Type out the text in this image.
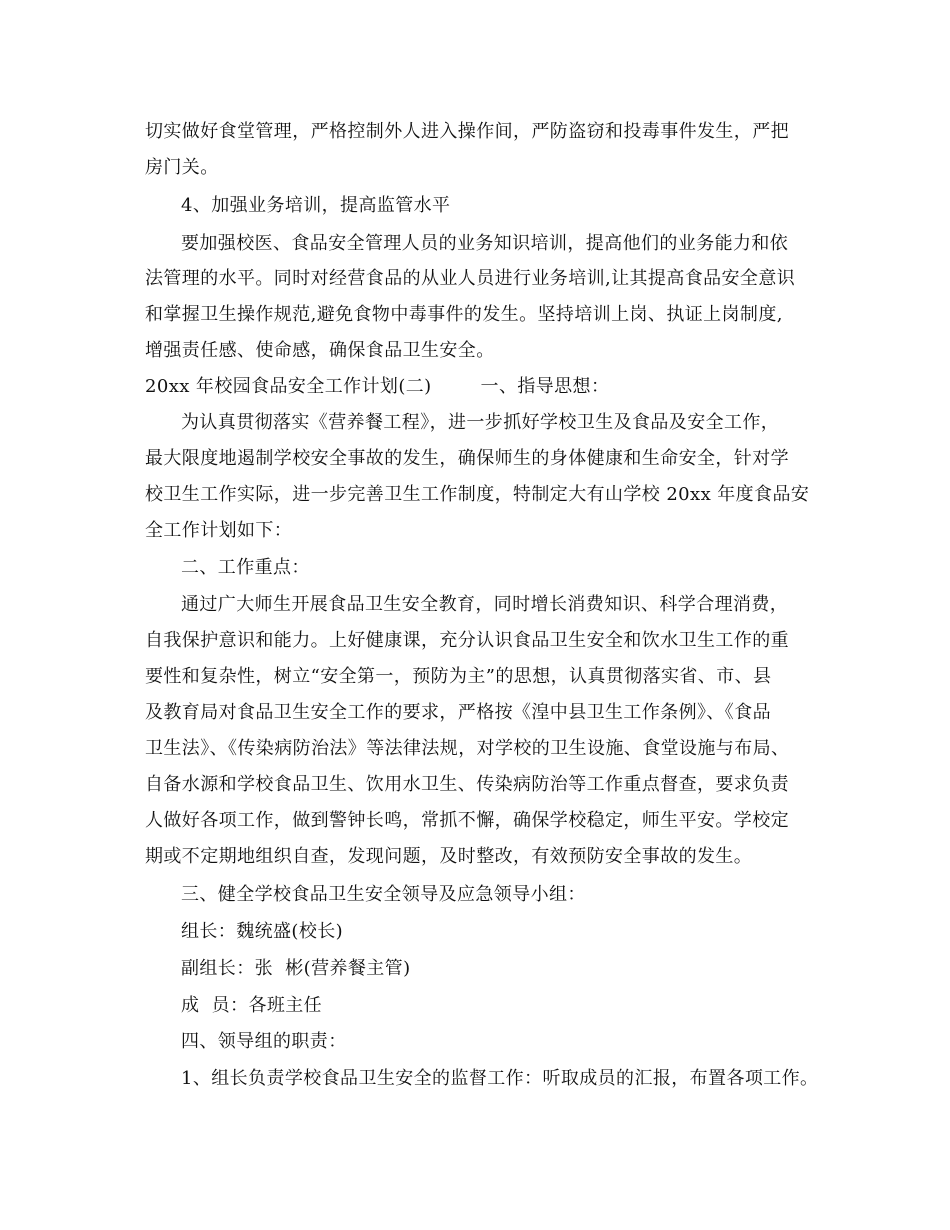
切实做好食堂管理，严格控制外人进入操作间，严防盗窃和投毒事件发生，严把
房门关。
4、加强业务培训，提高监管水平
要加强校医、食品安全管理人员的业务知识培训，提高他们的业务能力和依
法管理的水平。同时对经营食品的从业人员进行业务培训,让其提高食品安全意识
和掌握卫生操作规范,避免食物中毒事件的发生。坚持培训上岗、执证上岗制度,
增强责任感、使命感，确保食品卫生安全。
20xx 年校园食品安全工作计划(二)        一、指导思想：
为认真贯彻落实《营养餐工程》，进一步抓好学校卫生及食品及安全工作，
最大限度地遏制学校安全事故的发生，确保师生的身体健康和生命安全，针对学
校卫生工作实际，进一步完善卫生工作制度，特制定大有山学校 20xx 年度食品安
全工作计划如下：
二、工作重点：
通过广大师生开展食品卫生安全教育，同时增长消费知识、科学合理消费，
自我保护意识和能力。上好健康课，充分认识食品卫生安全和饮水卫生工作的重
要性和复杂性，树立“安全第一，预防为主”的思想，认真贯彻落实省、市、县
及教育局对食品卫生安全工作的要求，严格按《湟中县卫生工作条例》、《食品
卫生法》、《传染病防治法》等法律法规，对学校的卫生设施、食堂设施与布局、
自备水源和学校食品卫生、饮用水卫生、传染病防治等工作重点督查，要求负责
人做好各项工作，做到警钟长鸣，常抓不懈，确保学校稳定，师生平安。学校定
期或不定期地组织自查，发现问题，及时整改，有效预防安全事故的发生。
三、健全学校食品卫生安全领导及应急领导小组：
组长：魏统盛(校长)
副组长：张  彬(营养餐主管)
成  员：各班主任
四、领导组的职责：
1、组长负责学校食品卫生安全的监督工作：听取成员的汇报，布置各项工作。
